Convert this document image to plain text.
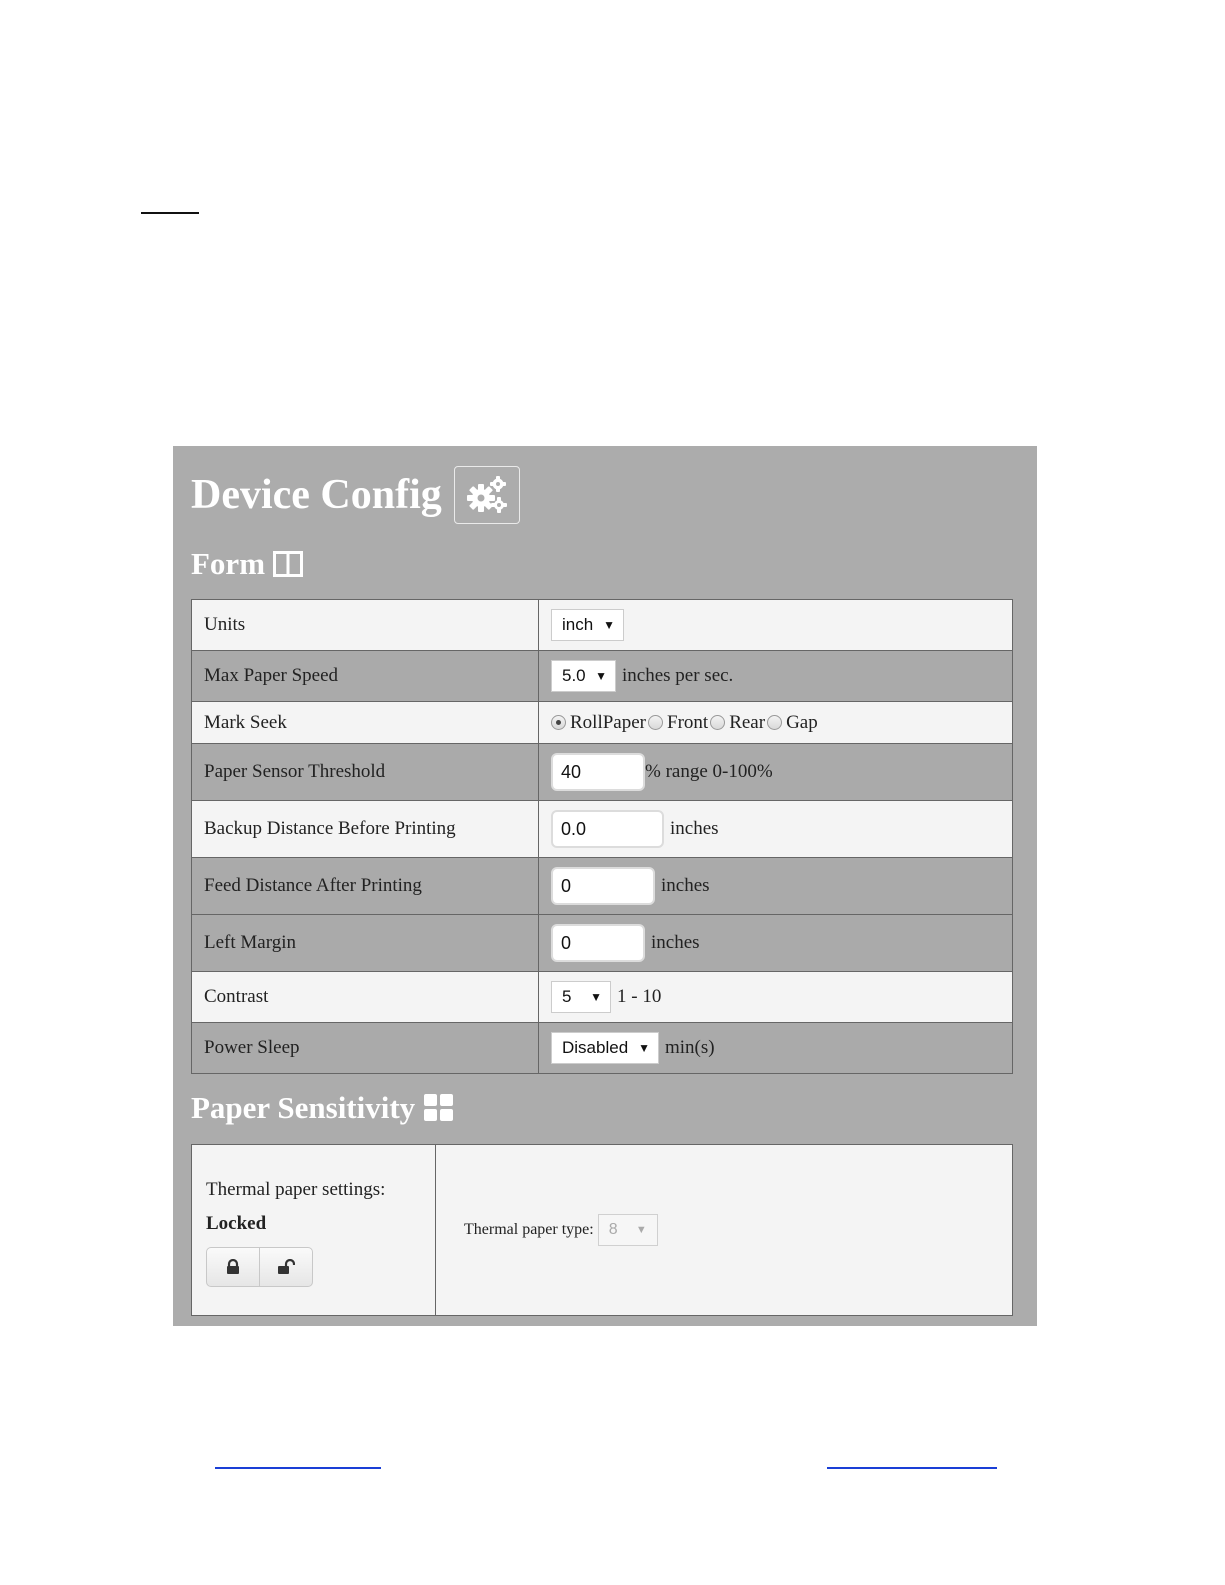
Device Config
Form
Units	inch ▼

Max Paper Speed	5.0 ▼ inches per sec.

Mark Seek	RollPaper Front Rear Gap

Paper Sensor Threshold	40 % range 0-100%

Backup Distance Before Printing	0.0 inches

Feed Distance After Printing	0 inches

Left Margin	0 inches

Contrast	5 ▼ 1 - 10

Power Sleep	Disabled ▼ min(s)
Paper Sensitivity
Thermal paper settings:
Locked	Thermal paper type: 8 ▼
